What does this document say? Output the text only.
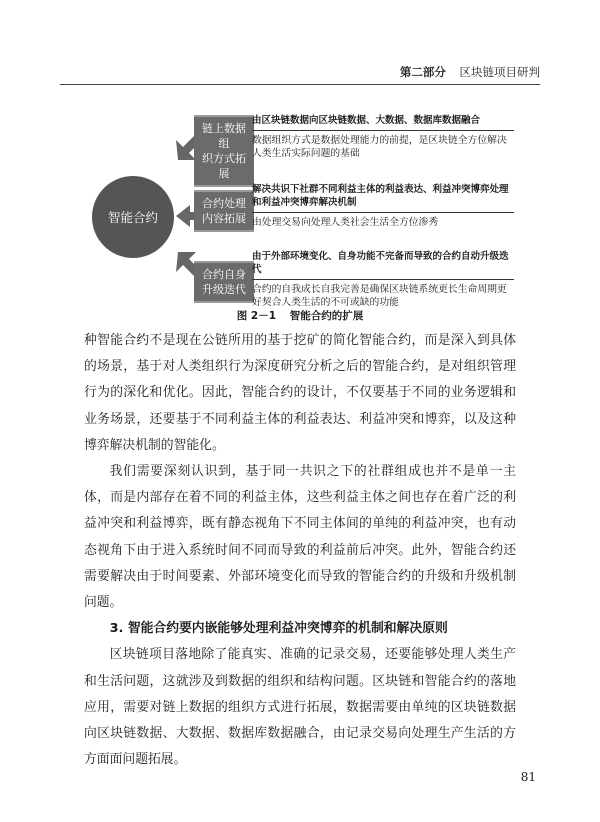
第二部分 区块链项目研判
智能合约
链上数据组
织方式拓展
由区块链数据向区块链数据、大数据、数据库数据融合
数据组织方式是数据处理能力的前提，是区块链全方位解决人类生活实际问题的基础
合约处理
内容拓展
解决共识下社群不同利益主体的利益表达、利益冲突博弈处理和利益冲突博弈解决机制
由处理交易向处理人类社会生活全方位渗秀
合约自身
升级迭代
由于外部环境变化、自身功能不完备而导致的合约自动升级迭代
合约的自我成长自我完善是确保区块链系统更长生命周期更好契合人类生活的不可或缺的功能
图 2－1 智能合约的扩展

种智能合约不是现在公链所用的基于挖矿的简化智能合约，而是深入到具体的场景，基于对人类组织行为深度研究分析之后的智能合约，是对组织管理行为的深化和优化。因此，智能合约的设计，不仅要基于不同的业务逻辑和业务场景，还要基于不同利益主体的利益表达、利益冲突和博弈，以及这种博弈解决机制的智能化。

我们需要深刻认识到，基于同一共识之下的社群组成也并不是单一主体，而是内部存在着不同的利益主体，这些利益主体之间也存在着广泛的利益冲突和利益博弈，既有静态视角下不同主体间的单纯的利益冲突，也有动态视角下由于进入系统时间不同而导致的利益前后冲突。此外，智能合约还需要解决由于时间要素、外部环境变化而导致的智能合约的升级和升级机制问题。

3. 智能合约要内嵌能够处理利益冲突博弈的机制和解决原则

区块链项目落地除了能真实、准确的记录交易，还要能够处理人类生产和生活问题，这就涉及到数据的组织和结构问题。区块链和智能合约的落地应用，需要对链上数据的组织方式进行拓展，数据需要由单纯的区块链数据向区块链数据、大数据、数据库数据融合，由记录交易向处理生产生活的方方面面问题拓展。

81
